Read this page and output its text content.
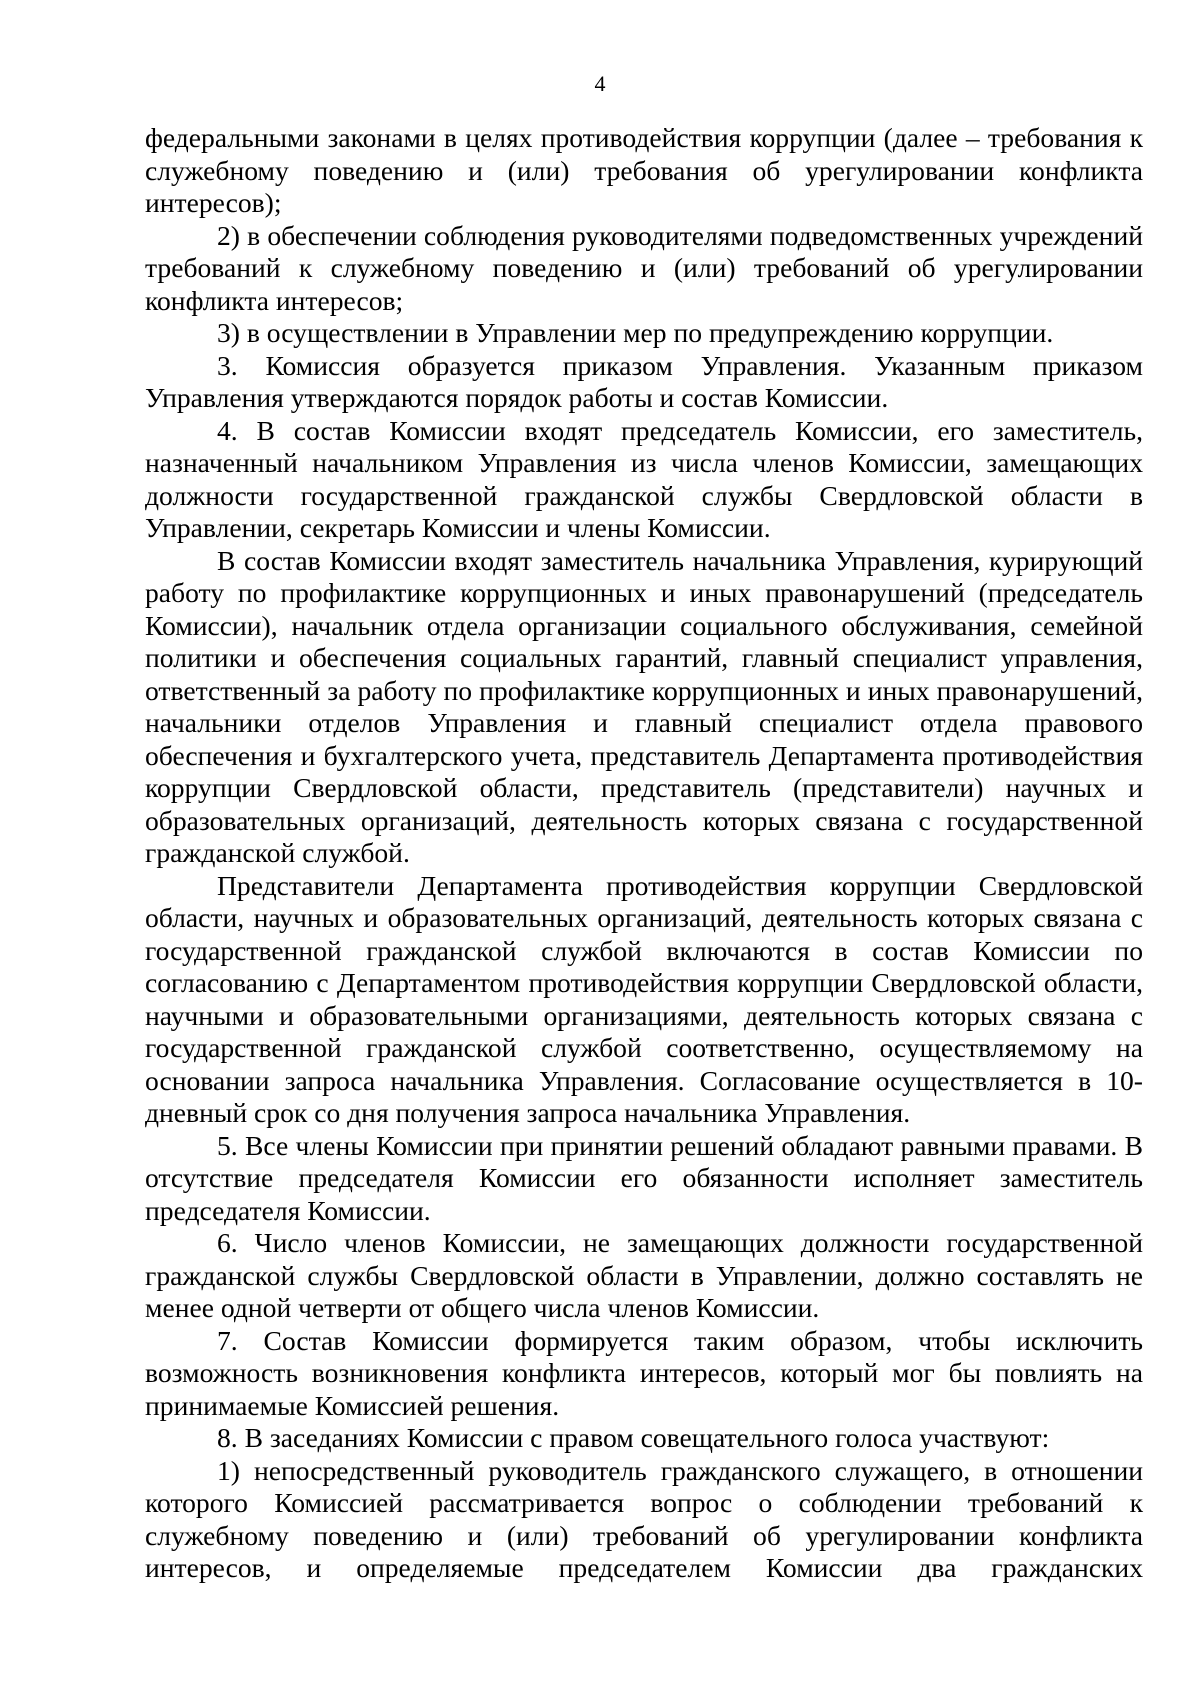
4

федеральными законами в целях противодействия коррупции (далее – требования к служебному поведению и (или) требования об урегулировании конфликта интересов);

2) в обеспечении соблюдения руководителями подведомственных учреждений требований к служебному поведению и (или) требований об урегулировании конфликта интересов;

3) в осуществлении в Управлении мер по предупреждению коррупции.

3. Комиссия образуется приказом Управления. Указанным приказом Управления утверждаются порядок работы и состав Комиссии.

4. В состав Комиссии входят председатель Комиссии, его заместитель, назначенный начальником Управления из числа членов Комиссии, замещающих должности государственной гражданской службы Свердловской области в Управлении, секретарь Комиссии и члены Комиссии.

В состав Комиссии входят заместитель начальника Управления, курирующий работу по профилактике коррупционных и иных правонарушений (председатель Комиссии), начальник отдела организации социального обслуживания, семейной политики и обеспечения социальных гарантий, главный специалист управления, ответственный за работу по профилактике коррупционных и иных правонарушений, начальники отделов Управления и главный специалист отдела правового обеспечения и бухгалтерского учета, представитель Департамента противодействия коррупции Свердловской области, представитель (представители) научных и образовательных организаций, деятельность которых связана с государственной гражданской службой.

Представители Департамента противодействия коррупции Свердловской области, научных и образовательных организаций, деятельность которых связана с государственной гражданской службой включаются в состав Комиссии по согласованию с Департаментом противодействия коррупции Свердловской области, научными и образовательными организациями, деятельность которых связана с государственной гражданской службой соответственно, осуществляемому на основании запроса начальника Управления. Согласование осуществляется в 10-дневный срок со дня получения запроса начальника Управления.

5. Все члены Комиссии при принятии решений обладают равными правами. В отсутствие председателя Комиссии его обязанности исполняет заместитель председателя Комиссии.

6. Число членов Комиссии, не замещающих должности государственной гражданской службы Свердловской области в Управлении, должно составлять не менее одной четверти от общего числа членов Комиссии.

7. Состав Комиссии формируется таким образом, чтобы исключить возможность возникновения конфликта интересов, который мог бы повлиять на принимаемые Комиссией решения.

8. В заседаниях Комиссии с правом совещательного голоса участвуют:

1) непосредственный руководитель гражданского служащего, в отношении которого Комиссией рассматривается вопрос о соблюдении требований к служебному поведению и (или) требований об урегулировании конфликта интересов, и определяемые председателем Комиссии два гражданских
